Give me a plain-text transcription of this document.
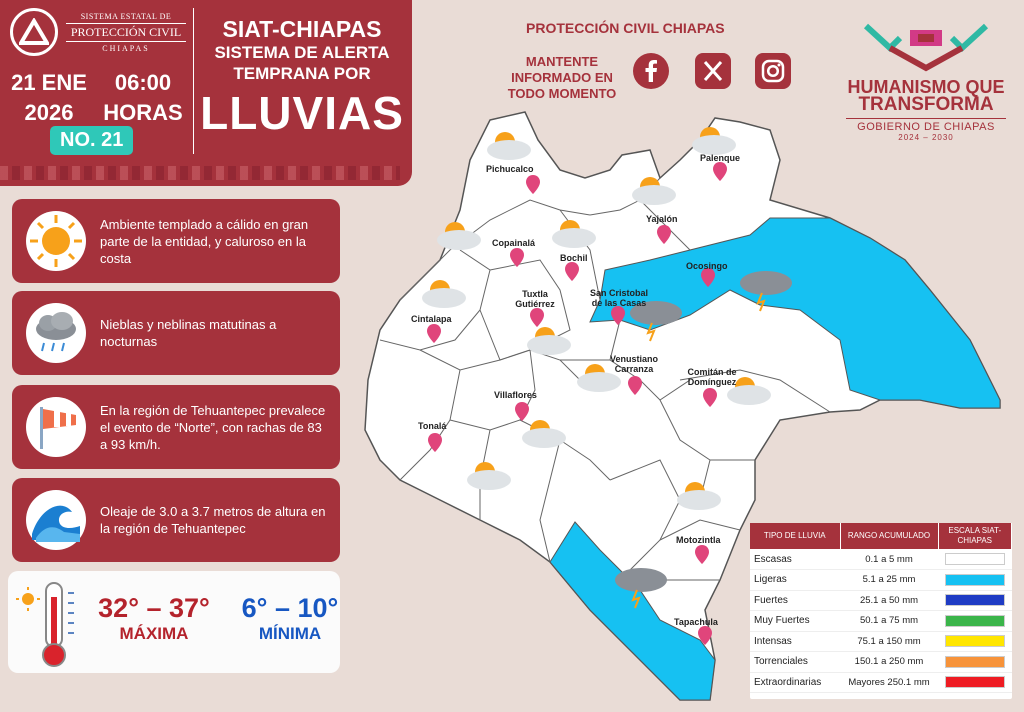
SISTEMA ESTATAL DE
PROTECCIÓN CIVIL
CHIAPAS
21 ENE
2026
06:00
HORAS
NO. 21
SIAT-CHIAPAS
SISTEMA DE ALERTA TEMPRANA POR
LLUVIAS
Ambiente templado a cálido en gran parte de la entidad, y caluroso en la costa
Nieblas y neblinas matutinas a nocturnas
En la región de Tehuantepec prevalece el evento de “Norte”, con rachas de 83 a 93 km/h.
Oleaje de 3.0 a 3.7 metros de altura en la región de Tehuantepec
32° – 37°
MÁXIMA
6° – 10°
MÍNIMA
PROTECCIÓN CIVIL CHIAPAS
MANTENTE INFORMADO EN TODO MOMENTO	HUMANISMO QUE
TRANSFORMA
GOBIERNO DE CHIAPAS
2024 – 2030
Pichucalco
Palenque
Yajalón
Copainalá
Bochil
Ocosingo
Tuxtla Gutiérrez
San Cristobal de las Casas
Cintalapa
Venustiano Carranza	Comitán de Domínguez
Villaflores
Tonalá
Motozintla
Tapachula
TIPO DE LLUVIA	RANGO ACUMULADO	ESCALA SIAT-CHIAPAS
Escasas	0.1 a 5 mm	

Ligeras	5.1 a 25 mm	

Fuertes	25.1 a 50 mm	

Muy Fuertes	50.1 a 75 mm	

Intensas	75.1 a 150 mm	

Torrenciales	150.1 a 250 mm	

Extraordinarias	Mayores 250.1 mm	
